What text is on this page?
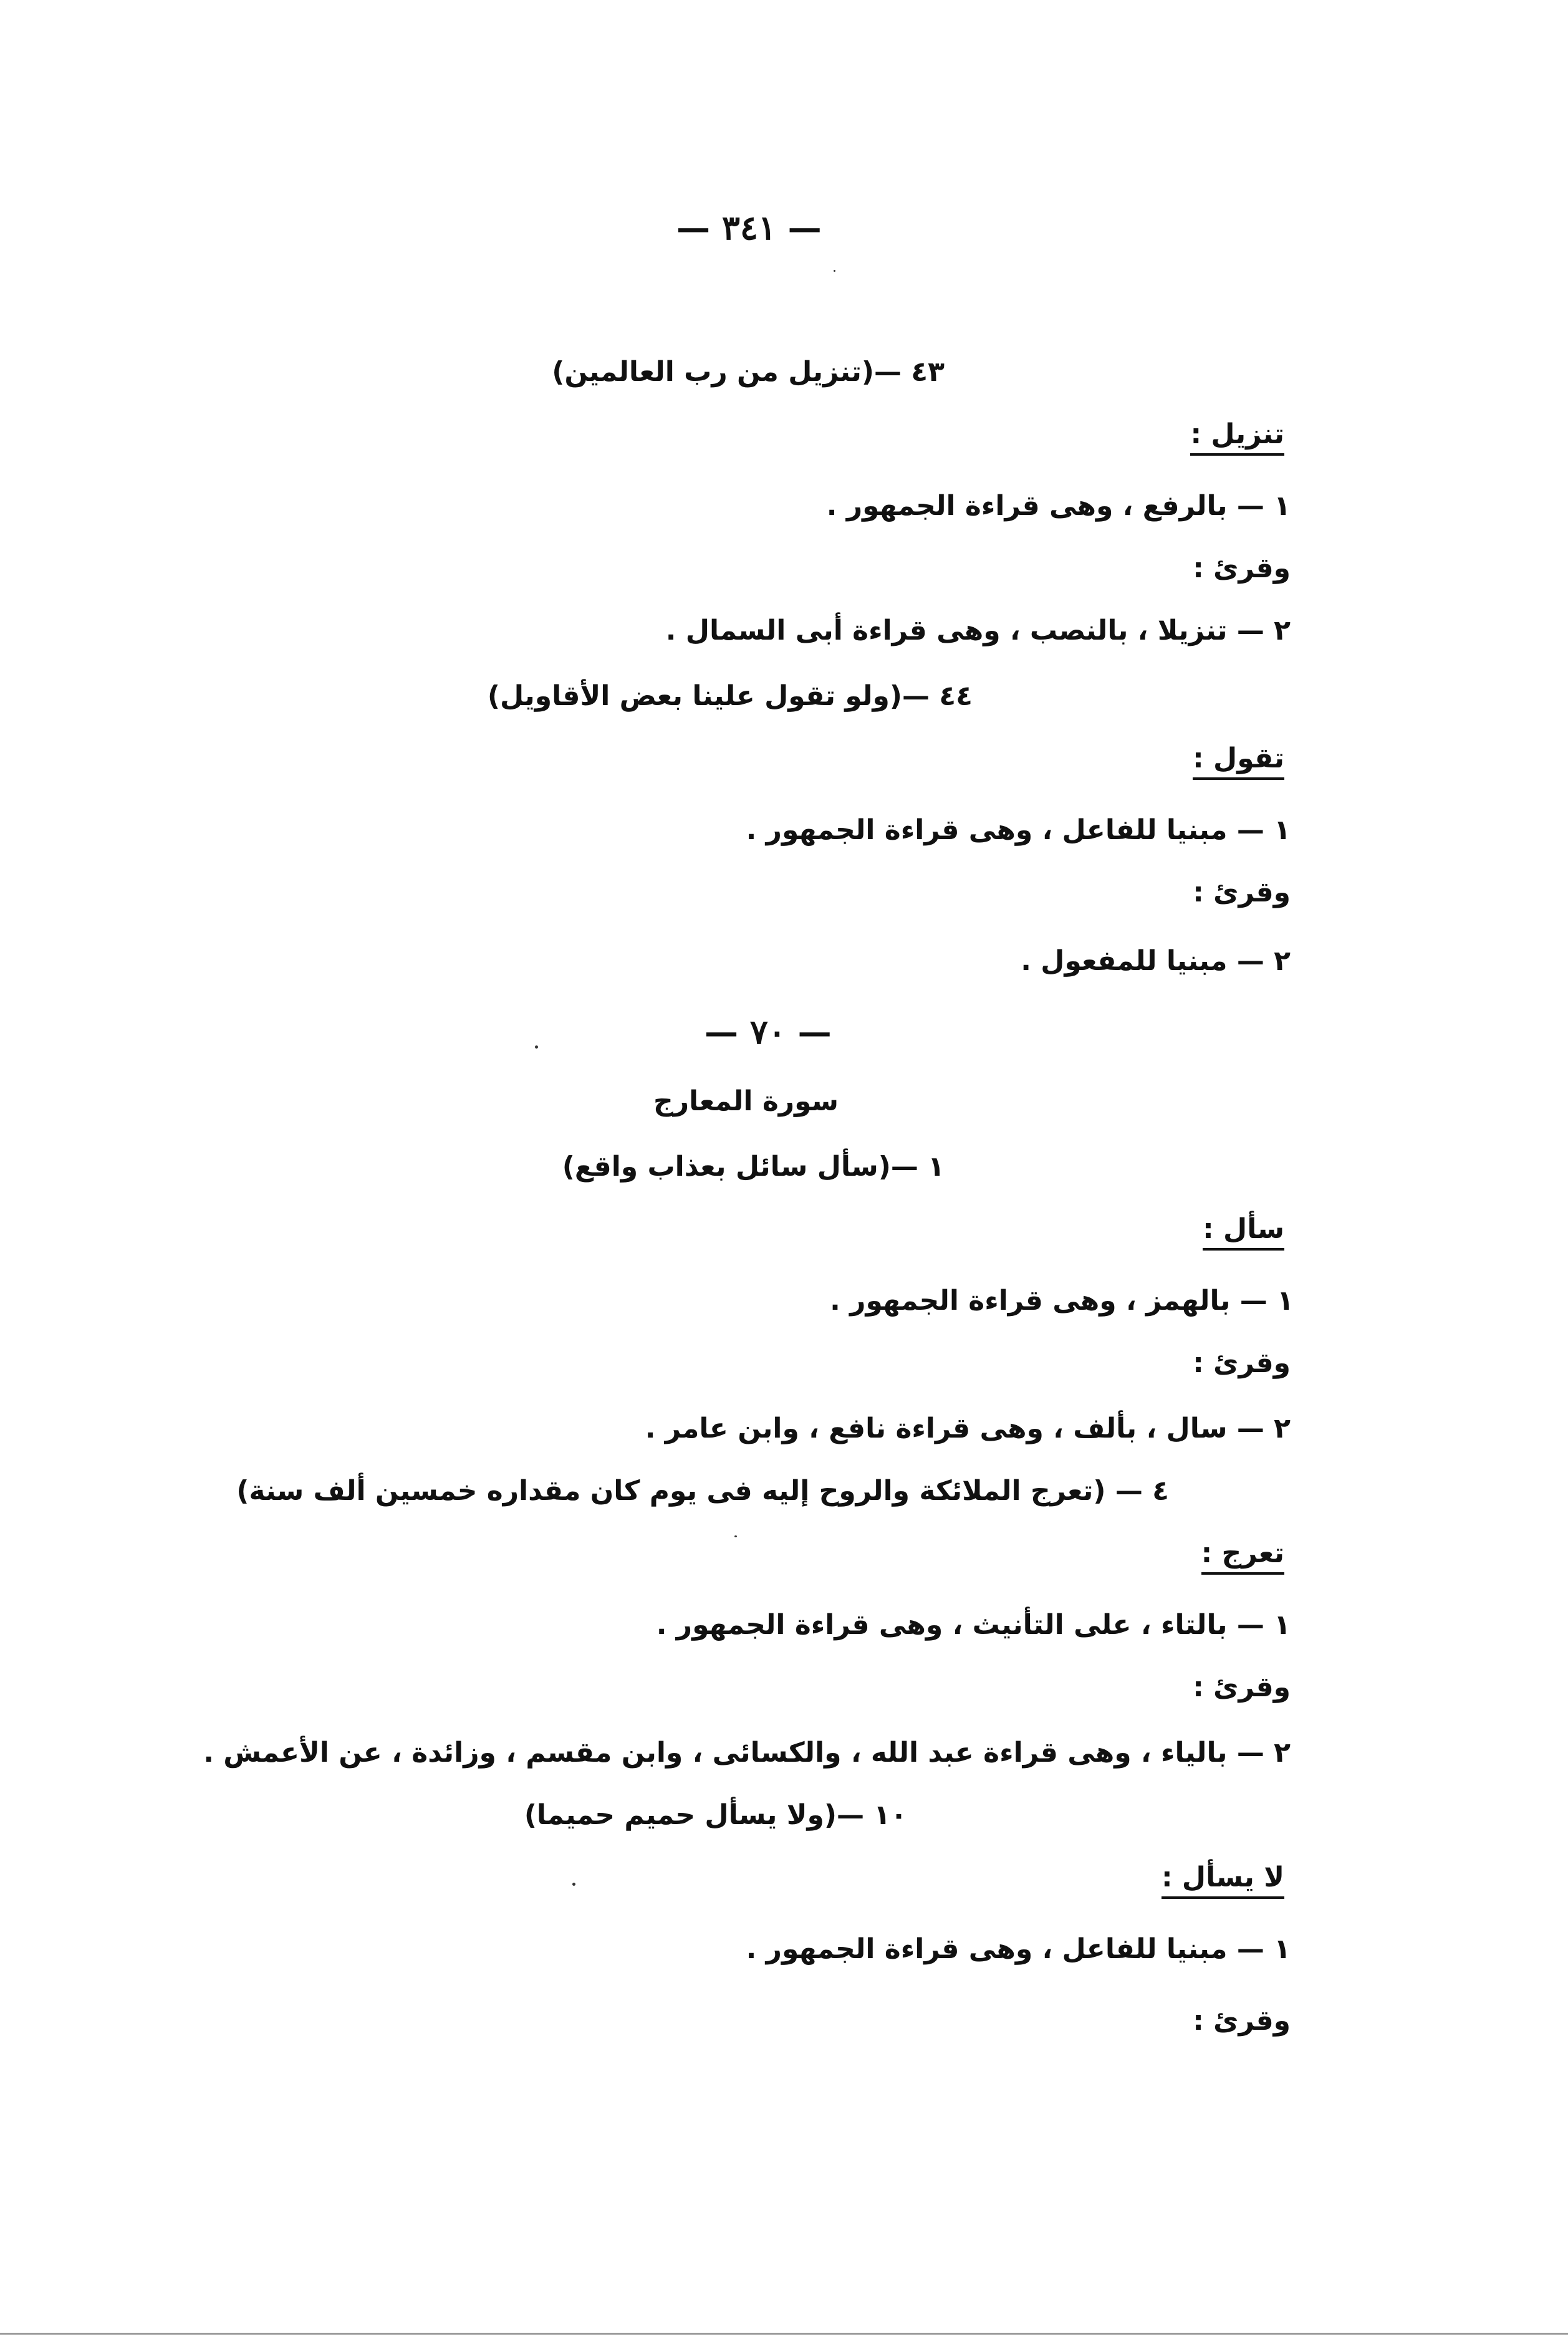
— ٣٤١ —
٤٣ —(تنزيل من رب العالمين)
تنزيل :
١ — بالرفع ، وهى قراءة الجمهور .
وقرئ :
٢ — تنزيلا ، بالنصب ، وهى قراءة أبى السمال .
٤٤ —(ولو تقول علينا بعض الأقاويل)
تقول :
١ — مبنيا للفاعل ، وهى قراءة الجمهور .
وقرئ :
٢ — مبنيا للمفعول .
— ٧٠ —
سورة المعارج
١ —(سأل سائل بعذاب واقع)
سأل :
١ — بالهمز ، وهى قراءة الجمهور .
وقرئ :
٢ — سال ، بألف ، وهى قراءة نافع ، وابن عامر .
٤ — (تعرج الملائكة والروح إليه فى يوم كان مقداره خمسين ألف سنة)
تعرج :
١ — بالتاء ، على التأنيث ، وهى قراءة الجمهور .
وقرئ :
٢ — بالياء ، وهى قراءة عبد الله ، والكسائى ، وابن مقسم ، وزائدة ، عن الأعمش .
١٠ —(ولا يسأل حميم حميما)
لا يسأل :
١ — مبنيا للفاعل ، وهى قراءة الجمهور .
وقرئ :
